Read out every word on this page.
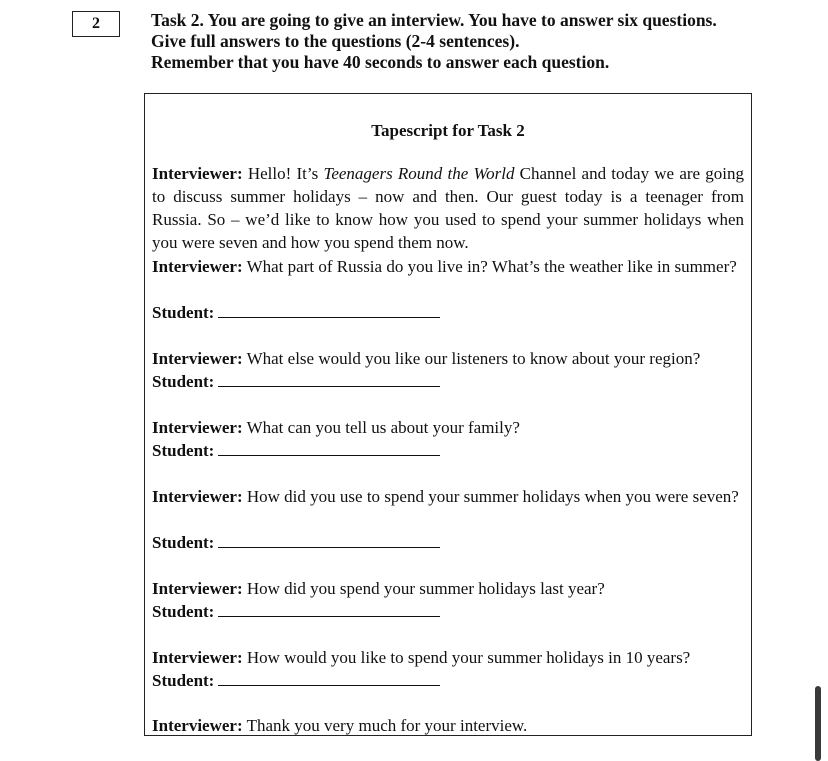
2	Task 2. You are going to give an interview. You have to answer six questions.
Give full answers to the questions (2-4 sentences).
Remember that you have 40 seconds to answer each question.
Tapescript for Task 2
Interviewer: Hello! It’s Teenagers Round the World Channel and today we are going to discuss summer holidays – now and then. Our guest today is a teenager from Russia. So – we’d like to know how you used to spend your summer holidays when you were seven and how you spend them now.
Interviewer: What part of Russia do you live in? What’s the weather like in summer?
Student:
Interviewer: What else would you like our listeners to know about your region?
Student:
Interviewer: What can you tell us about your family?
Student:
Interviewer: How did you use to spend your summer holidays when you were seven?
Student:
Interviewer: How did you spend your summer holidays last year?
Student:
Interviewer: How would you like to spend your summer holidays in 10 years?
Student:
Interviewer: Thank you very much for your interview.
